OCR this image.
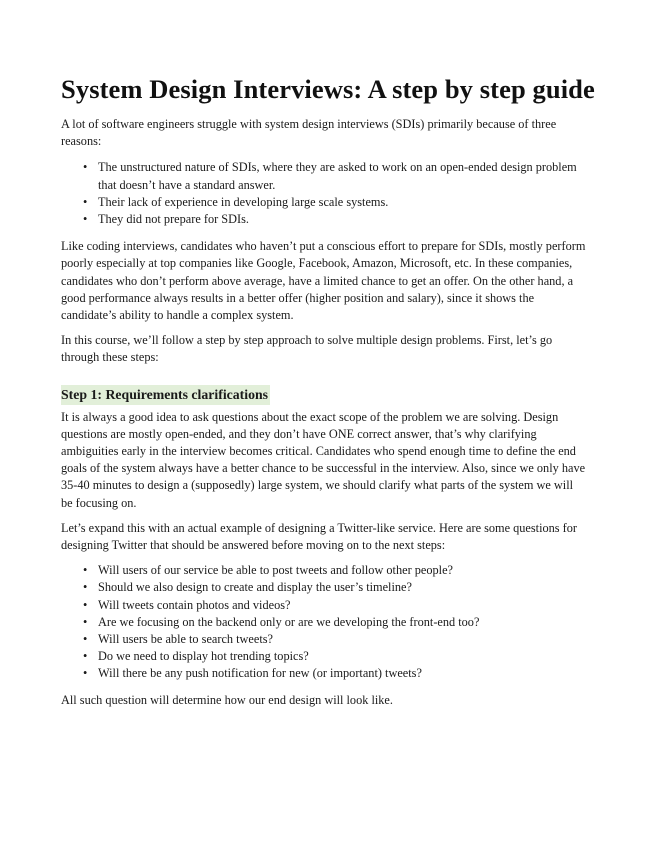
System Design Interviews: A step by step guide

A lot of software engineers struggle with system design interviews (SDIs) primarily because of three reasons:

• The unstructured nature of SDIs, where they are asked to work on an open-ended design problem that doesn’t have a standard answer.
• Their lack of experience in developing large scale systems.
• They did not prepare for SDIs.

Like coding interviews, candidates who haven’t put a conscious effort to prepare for SDIs, mostly perform poorly especially at top companies like Google, Facebook, Amazon, Microsoft, etc. In these companies, candidates who don’t perform above average, have a limited chance to get an offer. On the other hand, a good performance always results in a better offer (higher position and salary), since it shows the candidate’s ability to handle a complex system.

In this course, we’ll follow a step by step approach to solve multiple design problems. First, let’s go through these steps:

Step 1: Requirements clarifications

It is always a good idea to ask questions about the exact scope of the problem we are solving. Design questions are mostly open-ended, and they don’t have ONE correct answer, that’s why clarifying ambiguities early in the interview becomes critical. Candidates who spend enough time to define the end goals of the system always have a better chance to be successful in the interview. Also, since we only have 35-40 minutes to design a (supposedly) large system, we should clarify what parts of the system we will be focusing on.

Let’s expand this with an actual example of designing a Twitter-like service. Here are some questions for designing Twitter that should be answered before moving on to the next steps:

• Will users of our service be able to post tweets and follow other people?
• Should we also design to create and display the user’s timeline?
• Will tweets contain photos and videos?
• Are we focusing on the backend only or are we developing the front-end too?
• Will users be able to search tweets?
• Do we need to display hot trending topics?
• Will there be any push notification for new (or important) tweets?

All such question will determine how our end design will look like.
